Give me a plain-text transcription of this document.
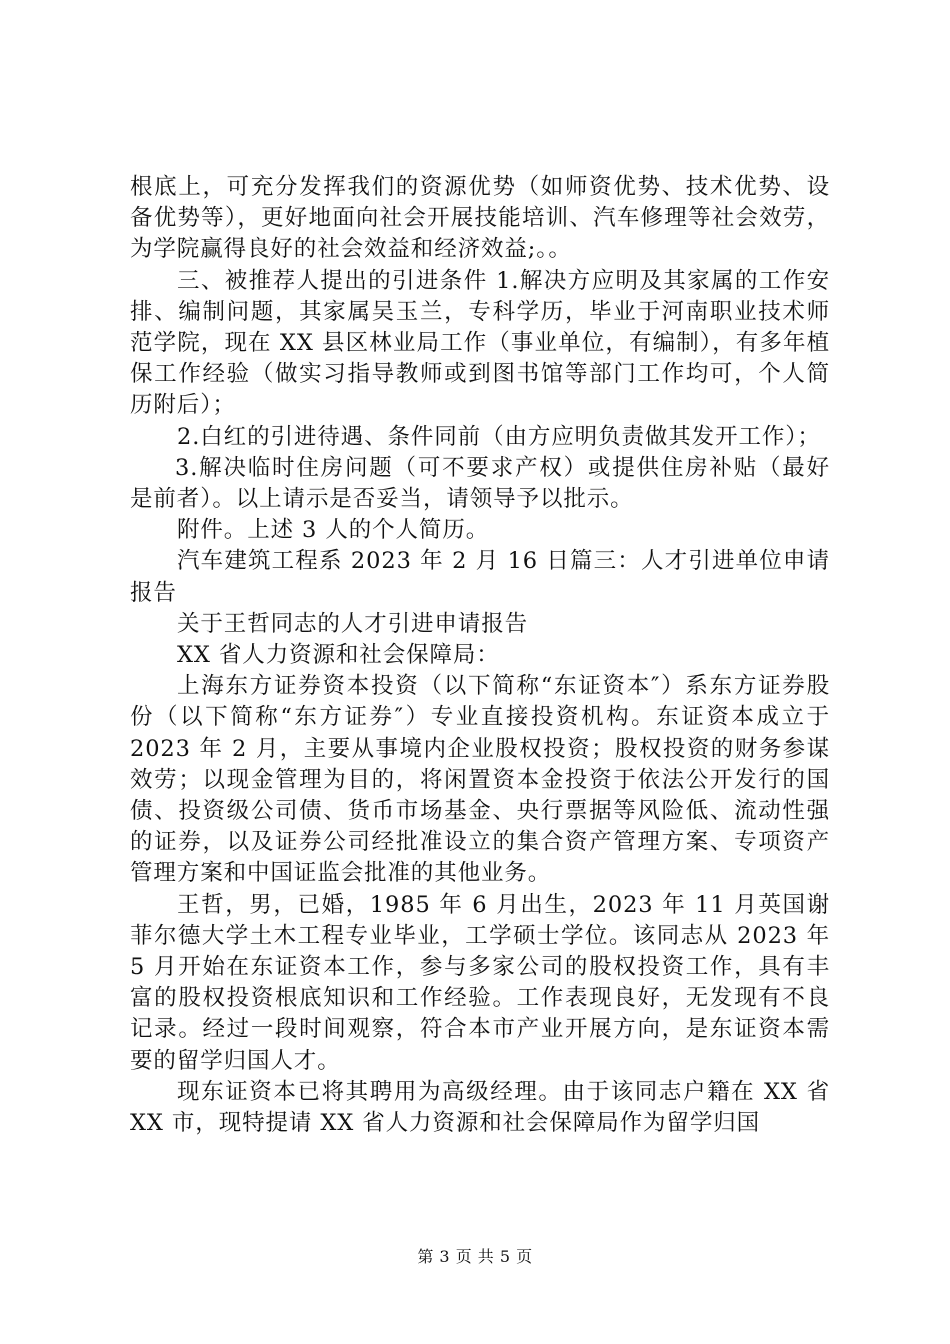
根底上，可充分发挥我们的资源优势（如师资优势、技术优势、设备优势等），更好地面向社会开展技能培训、汽车修理等社会效劳，为学院赢得良好的社会效益和经济效益;。。

三、被推荐人提出的引进条件 1.解决方应明及其家属的工作安排、编制问题，其家属吴玉兰，专科学历，毕业于河南职业技术师范学院，现在 XX 县区林业局工作（事业单位，有编制），有多年植保工作经验（做实习指导教师或到图书馆等部门工作均可，个人简历附后）；

2.白红的引进待遇、条件同前（由方应明负责做其发开工作）；

3.解决临时住房问题（可不要求产权）或提供住房补贴（最好是前者）。以上请示是否妥当，请领导予以批示。

附件。上述 3 人的个人简历。

汽车建筑工程系 2023 年 2 月 16 日篇三：人才引进单位申请报告

关于王哲同志的人才引进申请报告

XX 省人力资源和社会保障局：

上海东方证券资本投资（以下简称“东证资本″）系东方证券股份（以下简称“东方证券″）专业直接投资机构。东证资本成立于 2023 年 2 月，主要从事境内企业股权投资；股权投资的财务参谋效劳；以现金管理为目的，将闲置资本金投资于依法公开发行的国债、投资级公司债、货币市场基金、央行票据等风险低、流动性强的证券，以及证券公司经批准设立的集合资产管理方案、专项资产管理方案和中国证监会批准的其他业务。

王哲，男，已婚，1985 年 6 月出生，2023 年 11 月英国谢菲尔德大学土木工程专业毕业，工学硕士学位。该同志从 2023 年 5 月开始在东证资本工作，参与多家公司的股权投资工作，具有丰富的股权投资根底知识和工作经验。工作表现良好，无发现有不良记录。经过一段时间观察，符合本市产业开展方向，是东证资本需要的留学归国人才。

现东证资本已将其聘用为高级经理。由于该同志户籍在 XX 省 XX 市，现特提请 XX 省人力资源和社会保障局作为留学归国

第 3 页 共 5 页
